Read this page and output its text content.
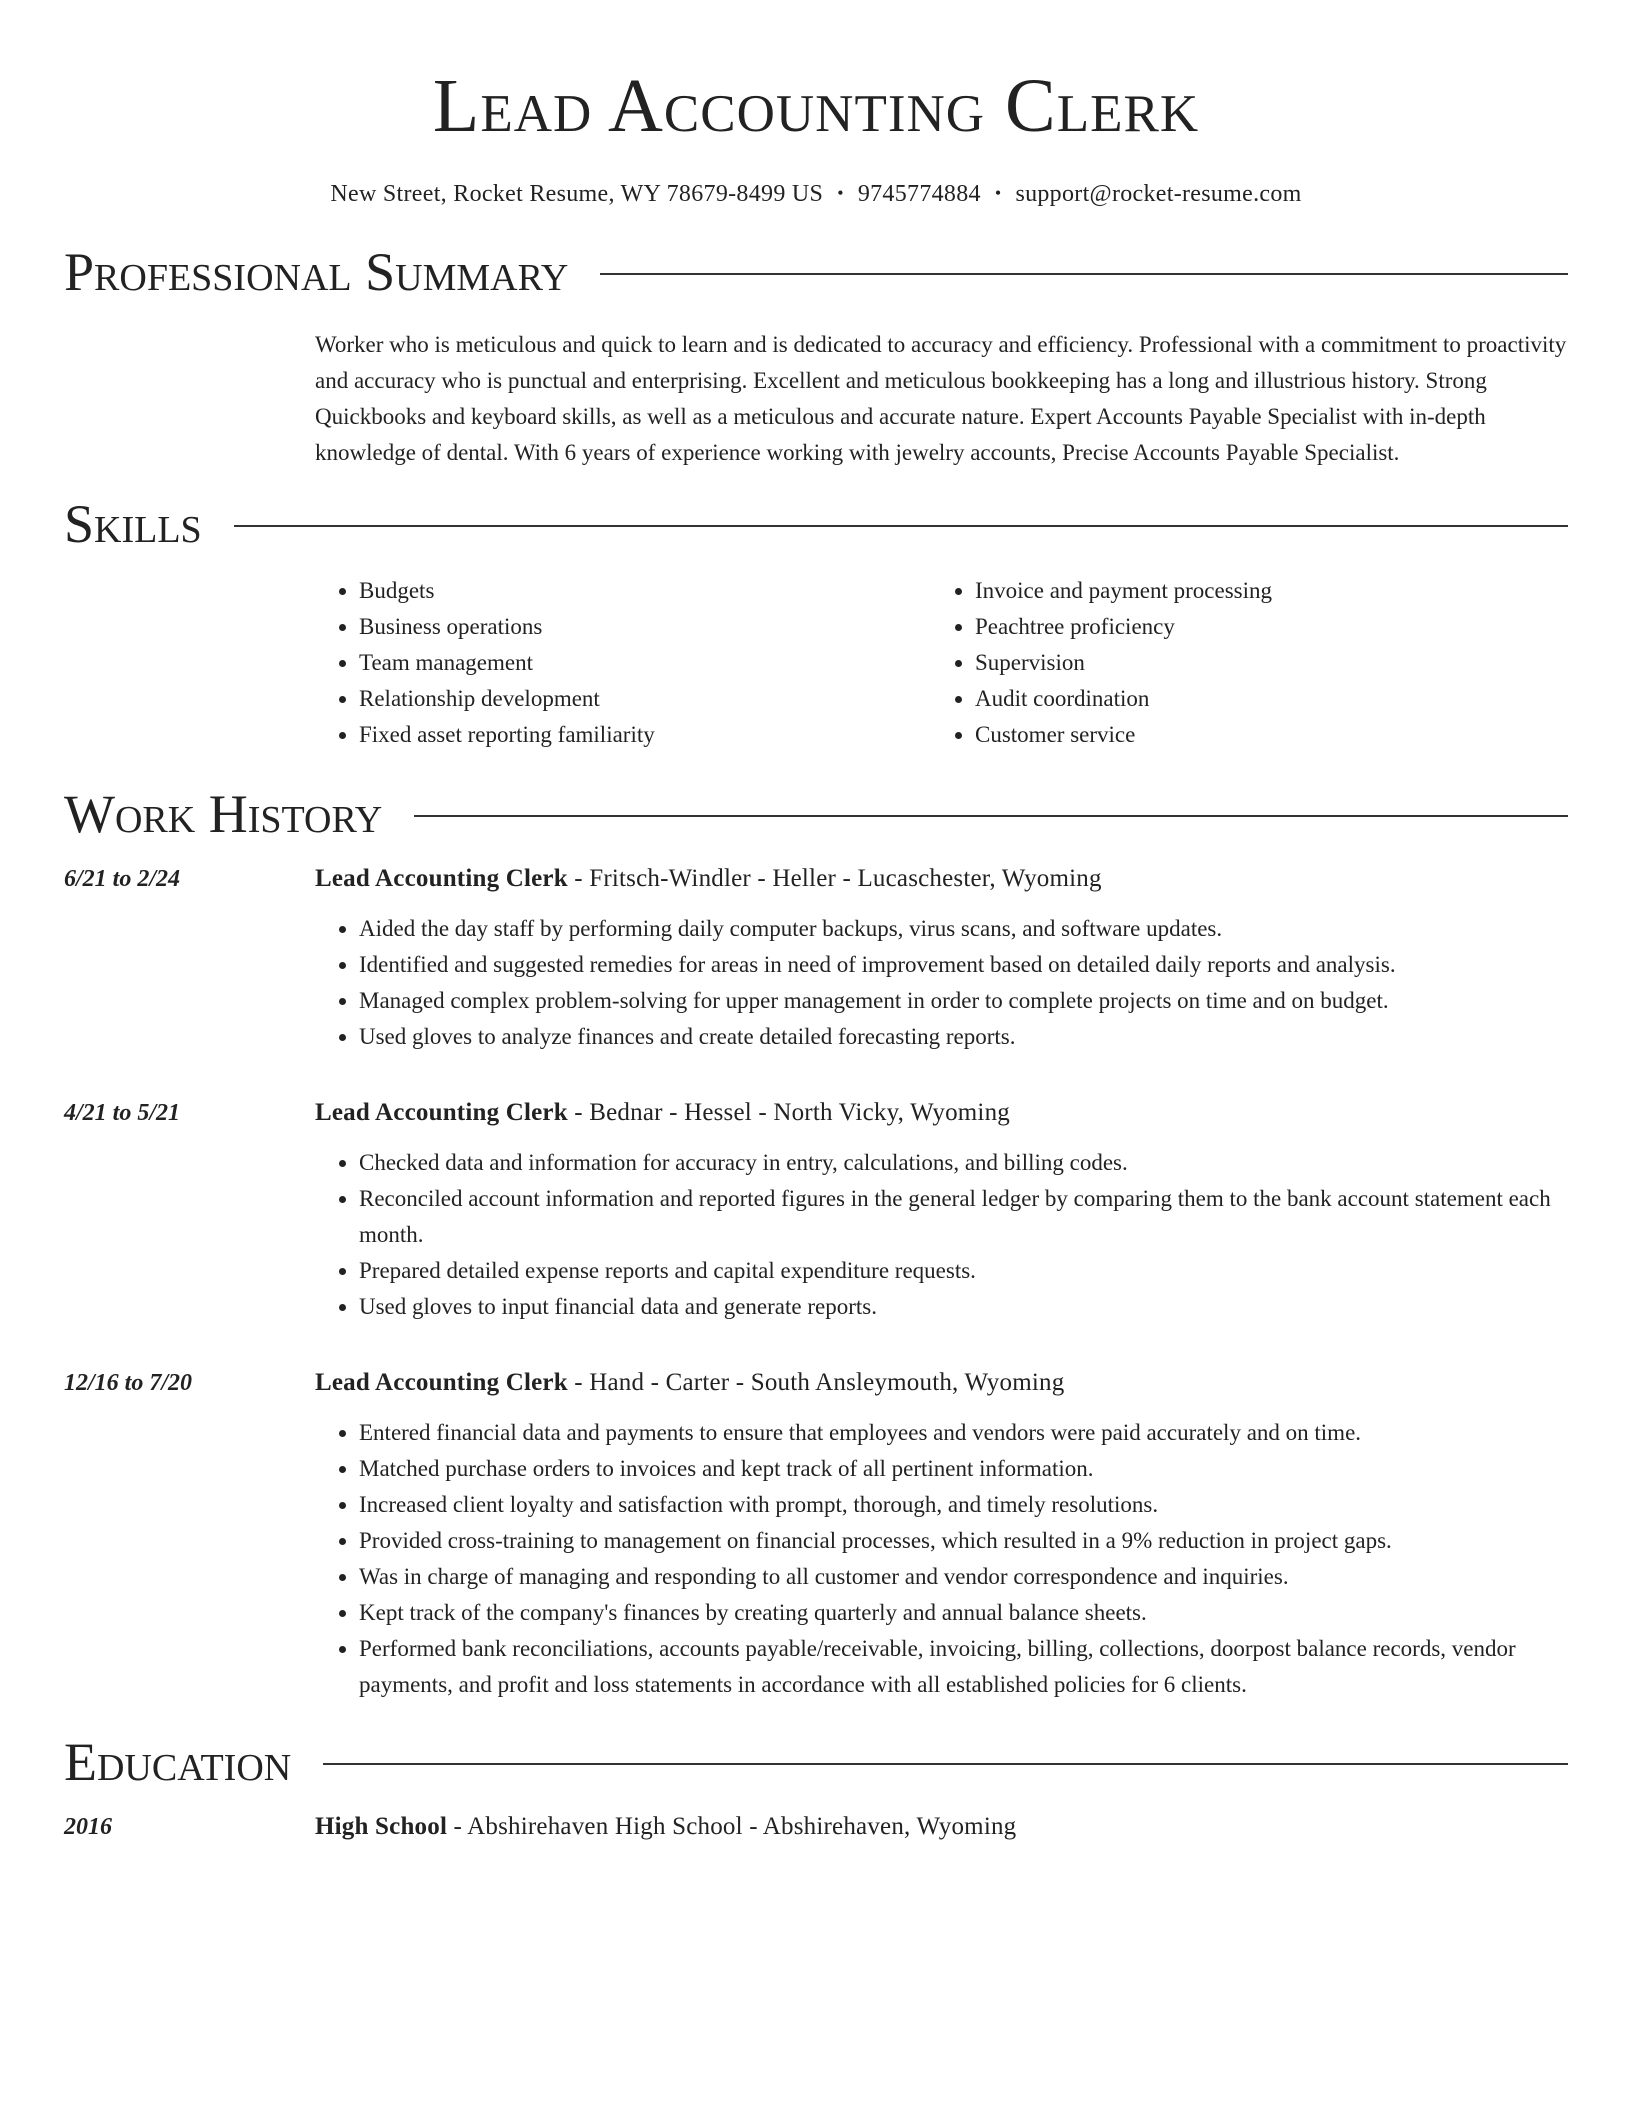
Lead Accounting Clerk
New Street, Rocket Resume, WY 78679-8499 US • 9745774884 • support@rocket-resume.com
Professional Summary

Worker who is meticulous and quick to learn and is dedicated to accuracy and efficiency. Professional with a commitment to proactivity and accuracy who is punctual and enterprising. Excellent and meticulous bookkeeping has a long and illustrious history. Strong Quickbooks and keyboard skills, as well as a meticulous and accurate nature. Expert Accounts Payable Specialist with in-depth knowledge of dental. With 6 years of experience working with jewelry accounts, Precise Accounts Payable Specialist.

Skills
• Budgets
• Business operations
• Team management
• Relationship development
• Fixed asset reporting familiarity
• Invoice and payment processing
• Peachtree proficiency
• Supervision
• Audit coordination
• Customer service
Work History
6/21 to 2/24	Lead Accounting Clerk - Fritsch-Windler - Heller - Lucaschester, Wyoming
• Aided the day staff by performing daily computer backups, virus scans, and software updates.
• Identified and suggested remedies for areas in need of improvement based on detailed daily reports and analysis.
• Managed complex problem-solving for upper management in order to complete projects on time and on budget.
• Used gloves to analyze finances and create detailed forecasting reports.
4/21 to 5/21	Lead Accounting Clerk - Bednar - Hessel - North Vicky, Wyoming
• Checked data and information for accuracy in entry, calculations, and billing codes.
• Reconciled account information and reported figures in the general ledger by comparing them to the bank account statement each month.
• Prepared detailed expense reports and capital expenditure requests.
• Used gloves to input financial data and generate reports.
12/16 to 7/20	Lead Accounting Clerk - Hand - Carter - South Ansleymouth, Wyoming
• Entered financial data and payments to ensure that employees and vendors were paid accurately and on time.
• Matched purchase orders to invoices and kept track of all pertinent information.
• Increased client loyalty and satisfaction with prompt, thorough, and timely resolutions.
• Provided cross-training to management on financial processes, which resulted in a 9% reduction in project gaps.
• Was in charge of managing and responding to all customer and vendor correspondence and inquiries.
• Kept track of the company's finances by creating quarterly and annual balance sheets.
• Performed bank reconciliations, accounts payable/receivable, invoicing, billing, collections, doorpost balance records, vendor payments, and profit and loss statements in accordance with all established policies for 6 clients.
Education
2016	High School - Abshirehaven High School - Abshirehaven, Wyoming
